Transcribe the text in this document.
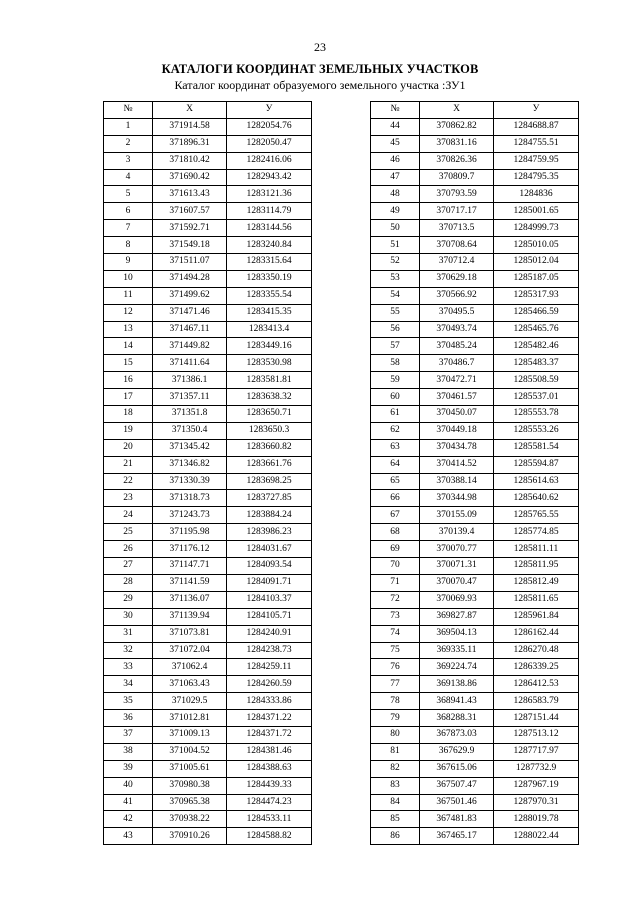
23
КАТАЛОГИ КООРДИНАТ ЗЕМЕЛЬНЫХ УЧАСТКОВ
Каталог координат образуемого земельного участка :ЗУ1
№	X	У
1	371914.58	1282054.76
2	371896.31	1282050.47
3	371810.42	1282416.06
4	371690.42	1282943.42
5	371613.43	1283121.36
6	371607.57	1283114.79
7	371592.71	1283144.56
8	371549.18	1283240.84
9	371511.07	1283315.64
10	371494.28	1283350.19
11	371499.62	1283355.54
12	371471.46	1283415.35
13	371467.11	1283413.4
14	371449.82	1283449.16
15	371411.64	1283530.98
16	371386.1	1283581.81
17	371357.11	1283638.32
18	371351.8	1283650.71
19	371350.4	1283650.3
20	371345.42	1283660.82
21	371346.82	1283661.76
22	371330.39	1283698.25
23	371318.73	1283727.85
24	371243.73	1283884.24
25	371195.98	1283986.23
26	371176.12	1284031.67
27	371147.71	1284093.54
28	371141.59	1284091.71
29	371136.07	1284103.37
30	371139.94	1284105.71
31	371073.81	1284240.91
32	371072.04	1284238.73
33	371062.4	1284259.11
34	371063.43	1284260.59
35	371029.5	1284333.86
36	371012.81	1284371.22
37	371009.13	1284371.72
38	371004.52	1284381.46
39	371005.61	1284388.63
40	370980.38	1284439.33
41	370965.38	1284474.23
42	370938.22	1284533.11
43	370910.26	1284588.82
№	X	У
44	370862.82	1284688.87
45	370831.16	1284755.51
46	370826.36	1284759.95
47	370809.7	1284795.35
48	370793.59	1284836
49	370717.17	1285001.65
50	370713.5	1284999.73
51	370708.64	1285010.05
52	370712.4	1285012.04
53	370629.18	1285187.05
54	370566.92	1285317.93
55	370495.5	1285466.59
56	370493.74	1285465.76
57	370485.24	1285482.46
58	370486.7	1285483.37
59	370472.71	1285508.59
60	370461.57	1285537.01
61	370450.07	1285553.78
62	370449.18	1285553.26
63	370434.78	1285581.54
64	370414.52	1285594.87
65	370388.14	1285614.63
66	370344.98	1285640.62
67	370155.09	1285765.55
68	370139.4	1285774.85
69	370070.77	1285811.11
70	370071.31	1285811.95
71	370070.47	1285812.49
72	370069.93	1285811.65
73	369827.87	1285961.84
74	369504.13	1286162.44
75	369335.11	1286270.48
76	369224.74	1286339.25
77	369138.86	1286412.53
78	368941.43	1286583.79
79	368288.31	1287151.44
80	367873.03	1287513.12
81	367629.9	1287717.97
82	367615.06	1287732.9
83	367507.47	1287967.19
84	367501.46	1287970.31
85	367481.83	1288019.78
86	367465.17	1288022.44
